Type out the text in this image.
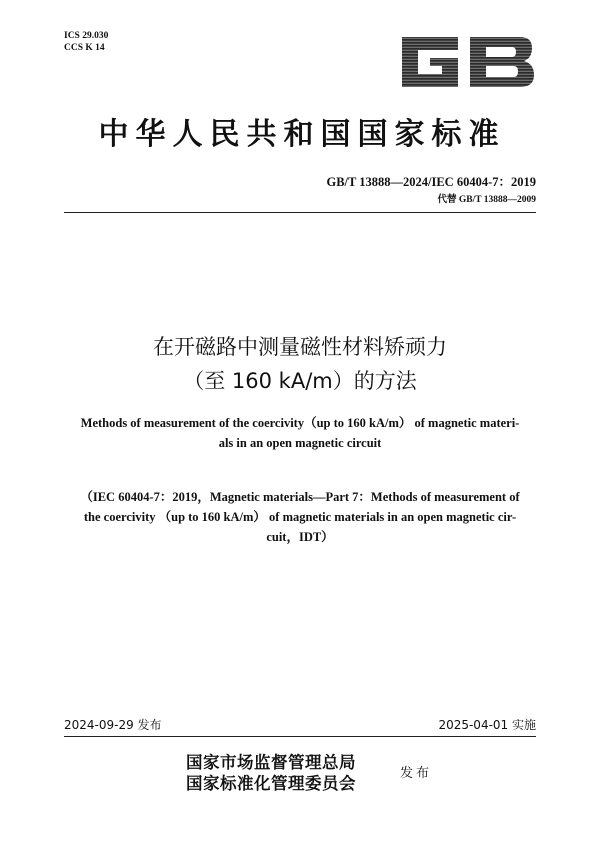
ICS 29.030
CCS K 14
GB
中华人民共和国国家标准
GB/T 13888—2024/IEC 60404-7：2019
代替 GB/T 13888—2009
在开磁路中测量磁性材料矫顽力
（至 160 kA/m）的方法
Methods of measurement of the coercivity（up to 160 kA/m） of magnetic materi-
als in an open magnetic circuit
（IEC 60404-7：2019，Magnetic materials—Part 7：Methods of measurement of
the coercivity （up to 160 kA/m） of magnetic materials in an open magnetic cir-
cuit，IDT）
2024-09-29 发布	2025-04-01 实施
国家市场监督管理总局
国家标准化管理委员会
发布
